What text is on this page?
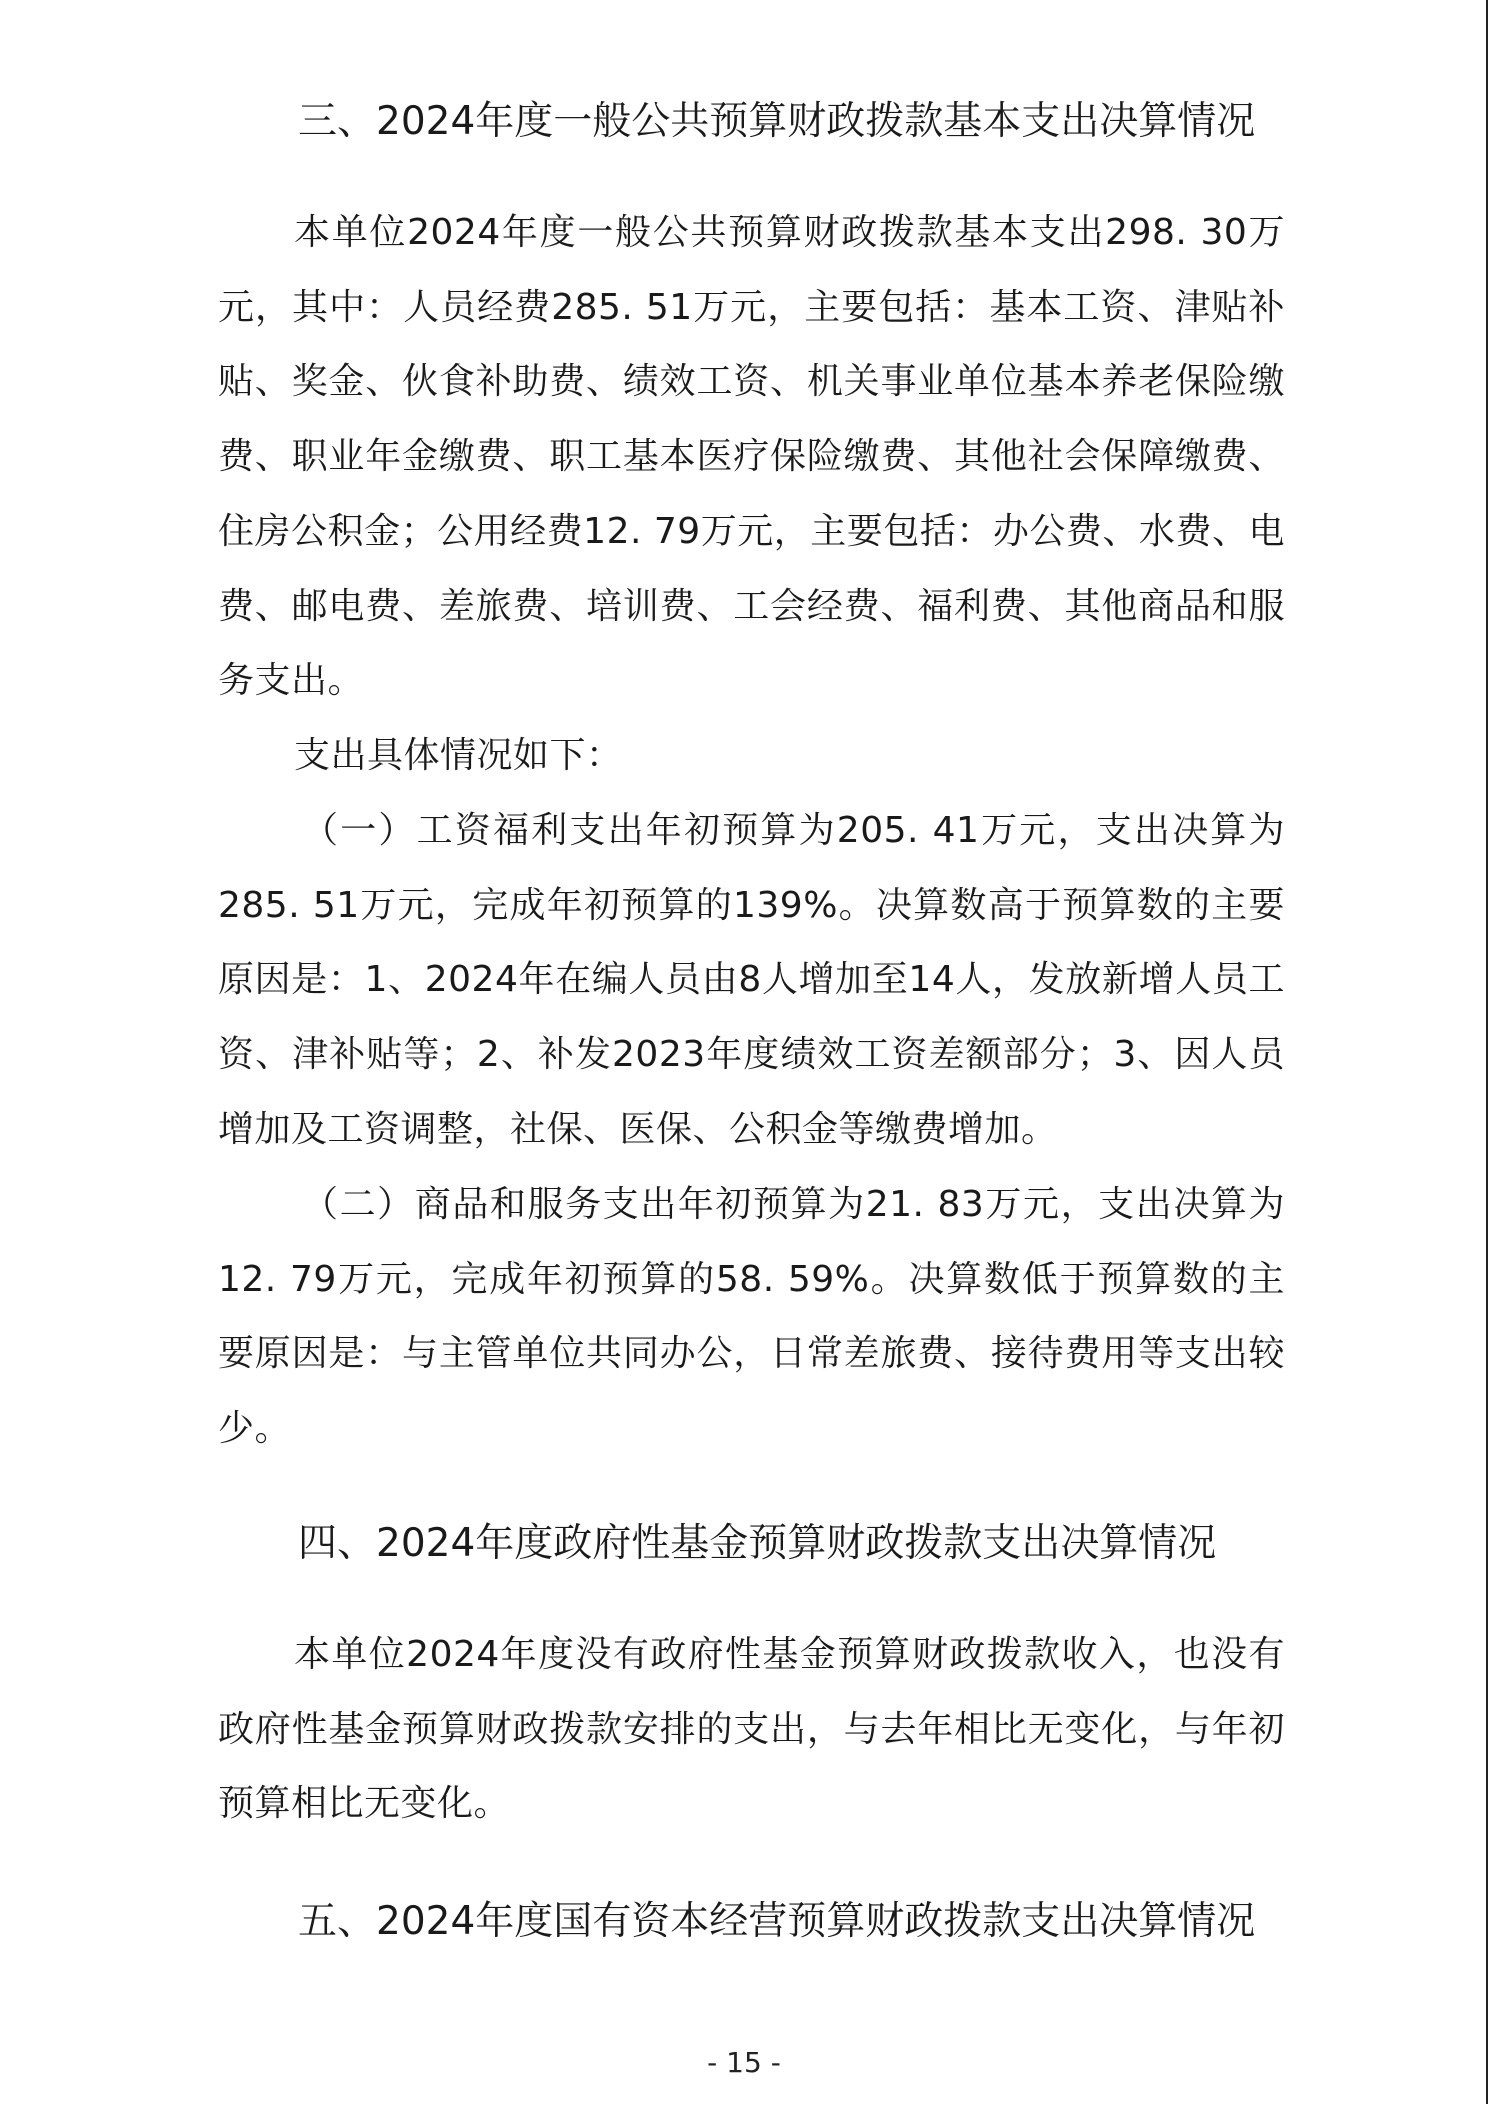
三、2024年度一般公共预算财政拨款基本支出决算情况

本单位2024年度一般公共预算财政拨款基本支出298. 30万元，其中：人员经费285. 51万元，主要包括：基本工资、津贴补贴、奖金、伙食补助费、绩效工资、机关事业单位基本养老保险缴费、职业年金缴费、职工基本医疗保险缴费、其他社会保障缴费、住房公积金；公用经费12. 79万元，主要包括：办公费、水费、电费、邮电费、差旅费、培训费、工会经费、福利费、其他商品和服务支出。

支出具体情况如下：

（一）工资福利支出年初预算为205. 41万元，支出决算为285. 51万元，完成年初预算的139%。决算数高于预算数的主要原因是：1、2024年在编人员由8人增加至14人，发放新增人员工资、津补贴等；2、补发2023年度绩效工资差额部分；3、因人员增加及工资调整，社保、医保、公积金等缴费增加。

（二）商品和服务支出年初预算为21. 83万元，支出决算为12. 79万元，完成年初预算的58. 59%。决算数低于预算数的主要原因是：与主管单位共同办公，日常差旅费、接待费用等支出较少。

四、2024年度政府性基金预算财政拨款支出决算情况

本单位2024年度没有政府性基金预算财政拨款收入，也没有政府性基金预算财政拨款安排的支出，与去年相比无变化，与年初预算相比无变化。

五、2024年度国有资本经营预算财政拨款支出决算情况
- 15 -
